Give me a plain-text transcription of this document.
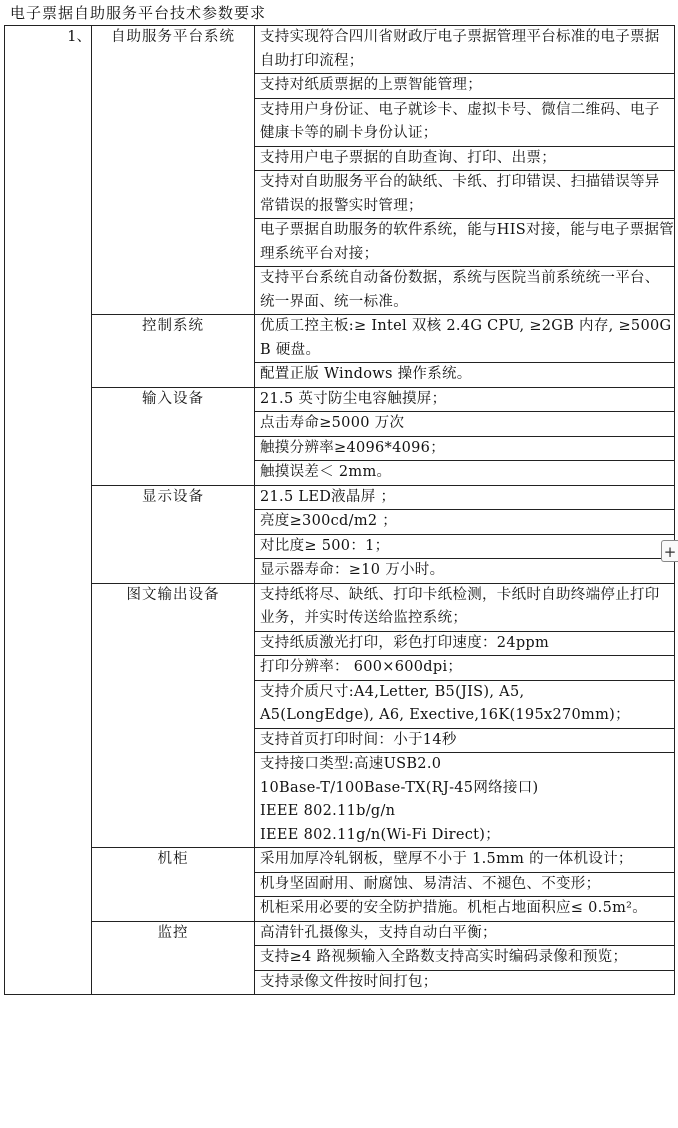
电子票据自助服务平台技术参数要求
1、	自助服务平台系统	支持实现符合四川省财政厅电子票据管理平台标准的电子票据自助打印流程；
		支持对纸质票据的上票智能管理；
		支持用户身份证、电子就诊卡、虚拟卡号、微信二维码、电子健康卡等的刷卡身份认证；
		支持用户电子票据的自助查询、打印、出票；
		支持对自助服务平台的缺纸、卡纸、打印错误、扫描错误等异常错误的报警实时管理；
		电子票据自助服务的软件系统，能与HIS对接，能与电子票据管理系统平台对接；
		支持平台系统自动备份数据，系统与医院当前系统统一平台、统一界面、统一标准。
	控制系统	优质工控主板:≥ Intel 双核 2.4G CPU, ≥2GB 内存, ≥500GB 硬盘。
		配置正版 Windows 操作系统。
	输入设备	21.5 英寸防尘电容触摸屏；
		点击寿命≥5000 万次
		触摸分辨率≥4096*4096；
		触摸误差＜ 2mm。
	显示设备	21.5 LED液晶屏 ；
		亮度≥300cd/m2 ；
		对比度≥ 500：1；
		显示器寿命：≥10 万小时。
	图文输出设备	支持纸将尽、缺纸、打印卡纸检测，卡纸时自助终端停止打印业务，并实时传送给监控系统；
		支持纸质激光打印，彩色打印速度：24ppm
		打印分辨率： 600×600dpi；

		支持介质尺寸:A4,Letter, B5(JIS), A5,
A5(LongEdge), A6, Exective,16K(195x270mm)；

		支持首页打印时间：小于14秒

		支持接口类型:高速USB2.0
10Base-T/100Base-TX(RJ-45网络接口)
IEEE 802.11b/g/n
IEEE 802.11g/n(Wi-Fi Direct)；

	机柜	采用加厚冷轧钢板，壁厚不小于 1.5mm 的一体机设计；
		机身坚固耐用、耐腐蚀、易清洁、不褪色、不变形；
		机柜采用必要的安全防护措施。机柜占地面积应≤ 0.5m²。
	监控	高清针孔摄像头，支持自动白平衡；
		支持≥4 路视频输入全路数支持高实时编码录像和预览；
		支持录像文件按时间打包；
+
